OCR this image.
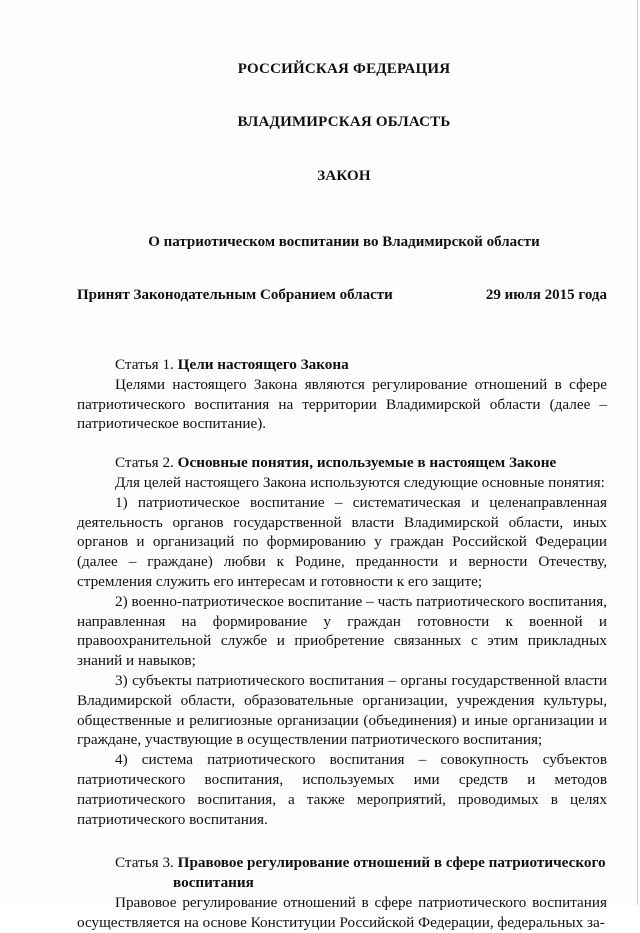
РОССИЙСКАЯ ФЕДЕРАЦИЯ
ВЛАДИМИРСКАЯ ОБЛАСТЬ
ЗАКОН
О патриотическом воспитании во Владимирской области
Принят Законодательным Собранием области	29 июля 2015 года

Статья 1. Цели настоящего Закона

Целями настоящего Закона являются регулирование отношений в сфере патриотического воспитания на территории Владимирской области (далее – патриотическое воспитание).

Статья 2. Основные понятия, используемые в настоящем Законе

Для целей настоящего Закона используются следующие основные понятия:

1) патриотическое воспитание – систематическая и целенаправленная деятельность органов государственной власти Владимирской области, иных органов и организаций по формированию у граждан Российской Федерации (далее – граждане) любви к Родине, преданности и верности Отечеству, стремления служить его интересам и готовности к его защите;

2) военно-патриотическое воспитание – часть патриотического воспитания, направленная на формирование у граждан готовности к военной и правоохранительной службе и приобретение связанных с этим прикладных знаний и навыков;

3) субъекты патриотического воспитания – органы государственной власти Владимирской области, образовательные организации, учреждения культуры, общественные и религиозные организации (объединения) и иные организации и граждане, участвующие в осуществлении патриотического воспитания;

4) система патриотического воспитания – совокупность субъектов патриотического воспитания, используемых ими средств и методов патриотического воспитания, а также мероприятий, проводимых в целях патриотического воспитания.

Статья 3. Правовое регулирование отношений в сфере патриотического
воспитания

Правовое регулирование отношений в сфере патриотического воспитания осуществляется на основе Конституции Российской Федерации, федеральных за-
